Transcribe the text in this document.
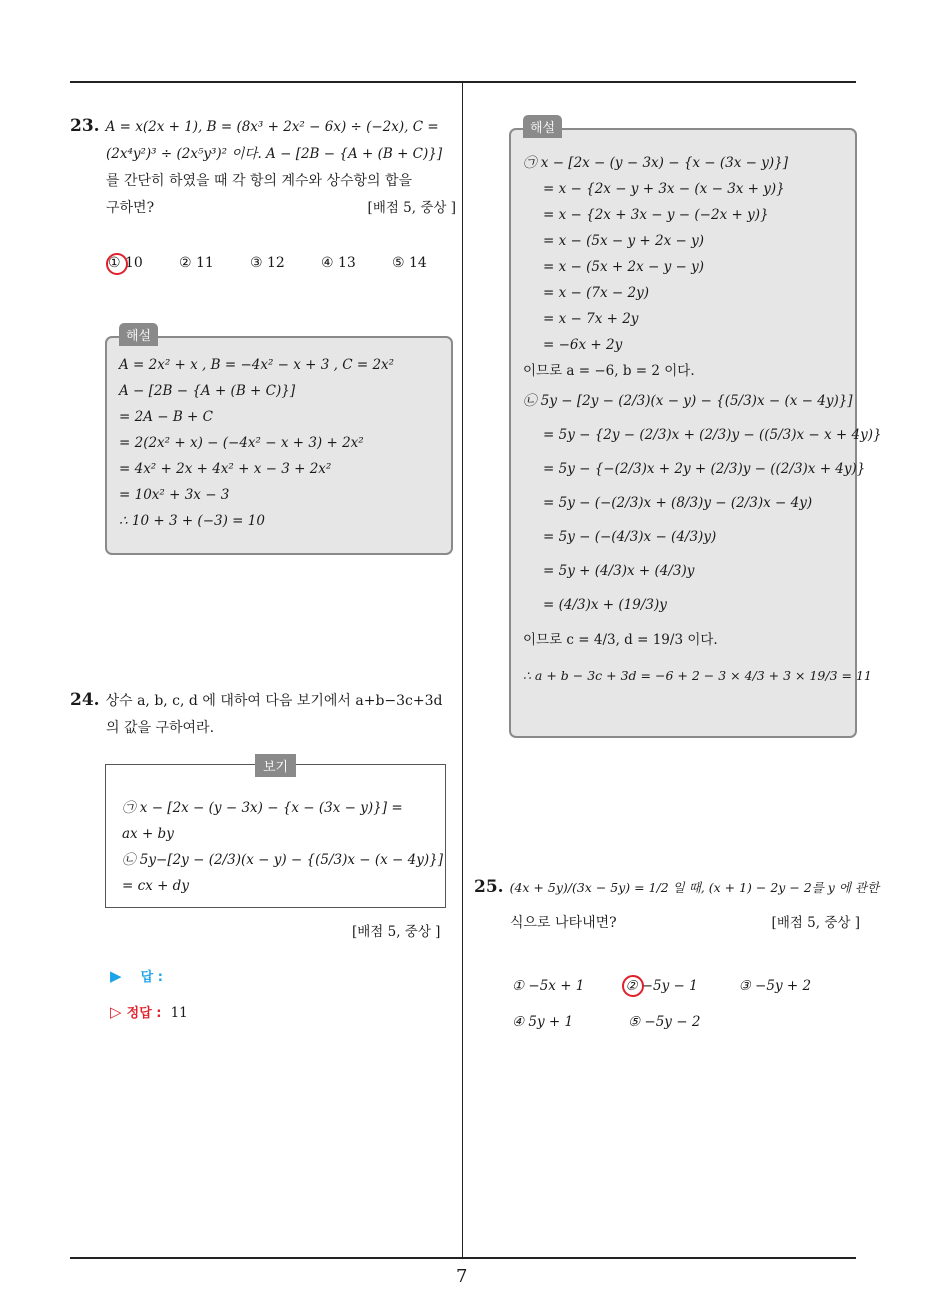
23. A = x(2x + 1), B = (8x³ + 2x² − 6x) ÷ (−2x), C =
(2x⁴y²)³ ÷ (2x⁵y³)² 이다. A − [2B − {A + (B + C)}]
를 간단히 하였을 때 각 항의 계수와 상수항의 합을
구하면?	[배점 5, 중상 ]
① 10	② 11	③ 12	④ 13	⑤ 14
A = 2x² + x , B = −4x² − x + 3 , C = 2x²
A − [2B − {A + (B + C)}]
= 2A − B + C
= 2(2x² + x) − (−4x² − x + 3) + 2x²
= 4x² + 2x + 4x² + x − 3 + 2x²
= 10x² + 3x − 3
∴ 10 + 3 + (−3) = 10
해설
24. 상수 a, b, c, d 에 대하여 다음 보기에서 a+b−3c+3d
의 값을 구하여라.
㉠ x − [2x − (y − 3x) − {x − (3x − y)}] =
ax + by
㉡ 5y−[2y − (2/3)(x − y) − {(5/3)x − (x − 4y)}]
= cx + dy
보기
[배점 5, 중상 ]
▶ 답 :
▷ 정답 : 11
㉠ x − [2x − (y − 3x) − {x − (3x − y)}]
= x − {2x − y + 3x − (x − 3x + y)}
= x − {2x + 3x − y − (−2x + y)}
= x − (5x − y + 2x − y)
= x − (5x + 2x − y − y)
= x − (7x − 2y)
= x − 7x + 2y
= −6x + 2y
이므로 a = −6, b = 2 이다.
㉡ 5y − [2y − (2/3)(x − y) − {(5/3)x − (x − 4y)}]
= 5y − {2y − (2/3)x + (2/3)y − ((5/3)x − x + 4y)}
= 5y − {−(2/3)x + 2y + (2/3)y − ((2/3)x + 4y)}
= 5y − (−(2/3)x + (8/3)y − (2/3)x − 4y)
= 5y − (−(4/3)x − (4/3)y)
= 5y + (4/3)x + (4/3)y
= (4/3)x + (19/3)y
이므로 c = 4/3, d = 19/3 이다.
∴ a + b − 3c + 3d = −6 + 2 − 3 × 4/3 + 3 × 19/3 = 11
해설
25. (4x + 5y)/(3x − 5y) = 1/2 일 때, (x + 1) − 2y − 2를 y 에 관한
식으로 나타내면?	[배점 5, 중상 ]
① −5x + 1	② −5y − 1	③ −5y + 2
④ 5y + 1	⑤ −5y − 2
7
